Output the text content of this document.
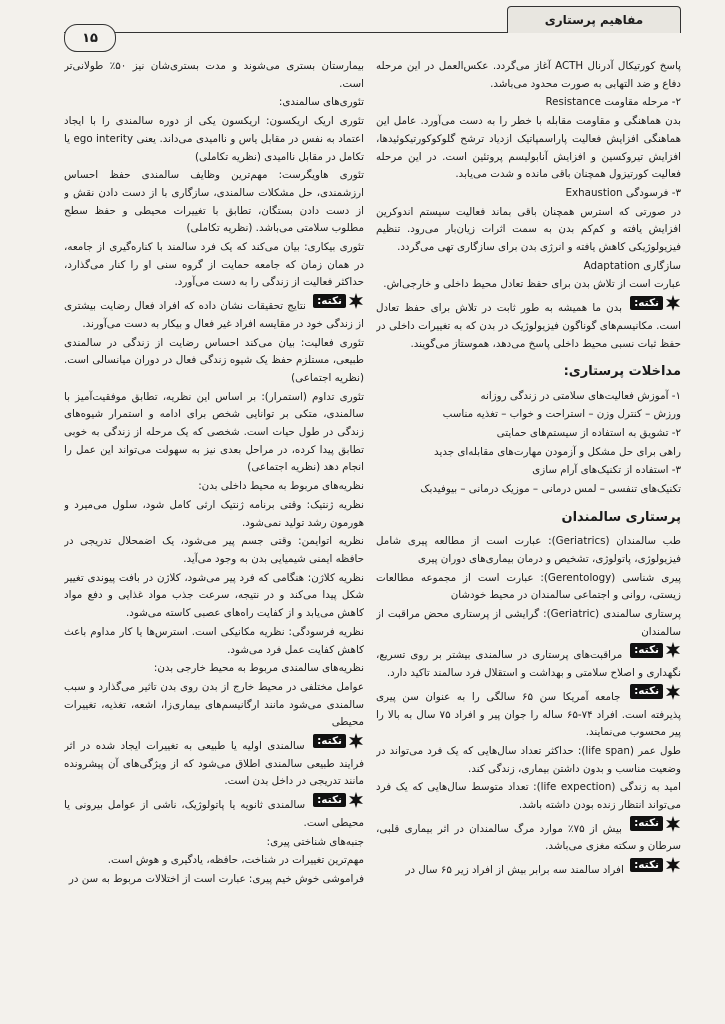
مفاهیم پرستاری
۱۵

پاسخ کورتیکال آدرنال ACTH آغاز می‌گردد. عکس‌العمل در این مرحله دفاع و ضد التهابی به صورت محدود می‌باشد.

۲- مرحله مقاومت Resistance

بدن هماهنگی و مقاومت مقابله با خطر را به دست می‌آورد. عامل این هماهنگی افزایش فعالیت پاراسمپاتیک ازدیاد ترشح گلوکوکورتیکوئیدها، افزایش تیروکسین و افزایش آنابولیسم پروتئین است. در این مرحله فعالیت کورتیزول همچنان باقی مانده و شدت می‌یابد.

۳- فرسودگی Exhaustion

در صورتی که استرس همچنان باقی بماند فعالیت سیستم اندوکرین افزایش یافته و کم‌کم بدن به سمت اثرات زیان‌بار می‌رود. تنظیم فیزیولوژیکی کاهش یافته و انرژی بدن برای سازگاری تهی می‌گردد.

سازگاری Adaptation

عبارت است از تلاش بدن برای حفظ تعادل محیط داخلی و خارجی‌اش.

نکته:
بدن ما همیشه به طور ثابت در تلاش برای حفظ تعادل است. مکانیسم‌های گوناگون فیزیولوژیک در بدن که به تغییرات داخلی در حفظ ثبات نسبی محیط داخلی پاسخ می‌دهد، هموستاز می‌گویند.

مداخلات پرستاری:

۱- آموزش فعالیت‌های سلامتی در زندگی روزانه

ورزش – کنترل وزن – استراحت و خواب – تغذیه مناسب

۲- تشویق به استفاده از سیستم‌های حمایتی

راهی برای حل مشکل و آزمودن مهارت‌های مقابله‌ای جدید

۳- استفاده از تکنیک‌های آرام سازی

تکنیک‌های تنفسی – لمس درمانی – موزیک درمانی – بیوفیدبک

پرستاری سالمندان

طب سالمندان (Geriatrics): عبارت است از مطالعه پیری شامل فیزیولوژی، پاتولوژی، تشخیص و درمان بیماری‌های دوران پیری

پیری شناسی (Gerentology): عبارت است از مجموعه مطالعات زیستی، روانی و اجتماعی سالمندان در محیط خودشان

پرستاری سالمندی (Geriatric): گرایشی از پرستاری محض مراقبت از سالمندان

نکته:
مراقبت‌های پرستاری در سالمندی بیشتر بر روی تسریع، نگهداری و اصلاح سلامتی و بهداشت و استقلال فرد سالمند تاکید دارد.

نکته:
جامعه آمریکا سن ۶۵ سالگی را به عنوان سن پیری پذیرفته است. افراد ۷۴-۶۵ ساله را جوان پیر و افراد ۷۵ سال به بالا را پیر محسوب می‌نمایند.

طول عمر (life span): حداکثر تعداد سال‌هایی که یک فرد می‌تواند در وضعیت مناسب و بدون داشتن بیماری، زندگی کند.

امید به زندگی (life expection): تعداد متوسط سال‌هایی که یک فرد می‌تواند انتظار زنده بودن داشته باشد.

نکته:
بیش از ۷۵٪ موارد مرگ سالمندان در اثر بیماری قلبی، سرطان و سکته مغزی می‌باشد.

نکته:
افراد سالمند سه برابر بیش از افراد زیر ۶۵ سال در

بیمارستان بستری می‌شوند و مدت بستری‌شان نیز ۵۰٪ طولانی‌تر است.

تئوری‌های سالمندی:

تئوری اریک اریکسون: اریکسون یکی از دوره سالمندی را با ایجاد اعتماد به نفس در مقابل یاس و ناامیدی می‌داند. یعنی ego interity یا تکامل در مقابل ناامیدی (نظریه تکاملی)

تئوری هاویگرست: مهم‌ترین وظایف سالمندی حفظ احساس ارزشمندی، حل مشکلات سالمندی، سازگاری با از دست دادن نقش و از دست دادن بستگان، تطابق با تغییرات محیطی و حفظ سطح مطلوب سلامتی می‌باشد. (نظریه تکاملی)

تئوری بیکاری: بیان می‌کند که یک فرد سالمند با کناره‌گیری از جامعه، در همان زمان که جامعه حمایت از گروه سنی او را کنار می‌گذارد، حداکثر فعالیت از زندگی را به دست می‌آورد.

نکته:
نتایج تحقیقات نشان داده که افراد فعال رضایت بیشتری از زندگی خود در مقایسه افراد غیر فعال و بیکار به دست می‌آورند.

تئوری فعالیت: بیان می‌کند احساس رضایت از زندگی در سالمندی طبیعی، مستلزم حفظ یک شیوه زندگی فعال در دوران میانسالی است. (نظریه اجتماعی)

تئوری تداوم (استمرار): بر اساس این نظریه، تطابق موفقیت‌آمیز با سالمندی، متکی بر توانایی شخص برای ادامه و استمرار شیوه‌های زندگی در طول حیات است. شخصی که یک مرحله از زندگی به خوبی تطابق پیدا کرده، در مراحل بعدی نیز به سهولت می‌تواند این عمل را انجام دهد (نظریه اجتماعی)

نظریه‌های مربوط به محیط داخلی بدن:

نظریه ژنتیک: وقتی برنامه ژنتیک ارثی کامل شود، سلول می‌میرد و هورمون رشد تولید نمی‌شود.

نظریه اتوایمن: وقتی جسم پیر می‌شود، یک اضمحلال تدریجی در حافظه ایمنی شیمیایی بدن به وجود می‌آید.

نظریه کلاژن: هنگامی که فرد پیر می‌شود، کلاژن در بافت پیوندی تغییر شکل پیدا می‌کند و در نتیجه، سرعت جذب مواد غذایی و دفع مواد کاهش می‌یابد و از کفایت راه‌های عصبی کاسته می‌شود.

نظریه فرسودگی: نظریه مکانیکی است. استرس‌ها یا کار مداوم باعث کاهش کفایت عمل فرد می‌شود.

نظریه‌های سالمندی مربوط به محیط خارجی بدن:

عوامل مختلفی در محیط خارج از بدن روی بدن تاثیر می‌گذارد و سبب سالمندی می‌شود مانند ارگانیسم‌های بیماری‌زا، اشعه، تغذیه، تغییرات محیطی

نکته:
سالمندی اولیه یا طبیعی به تغییرات ایجاد شده در اثر فرایند طبیعی سالمندی اطلاق می‌شود که از ویژگی‌های آن پیشرونده مانند تدریجی در داخل بدن است.

نکته:
سالمندی ثانویه یا پاتولوژیک، ناشی از عوامل بیرونی یا محیطی است.

جنبه‌های شناختی پیری:

مهم‌ترین تغییرات در شناخت، حافظه، یادگیری و هوش است.

فراموشی خوش خیم پیری: عبارت است از اختلالات مربوط به سن در
